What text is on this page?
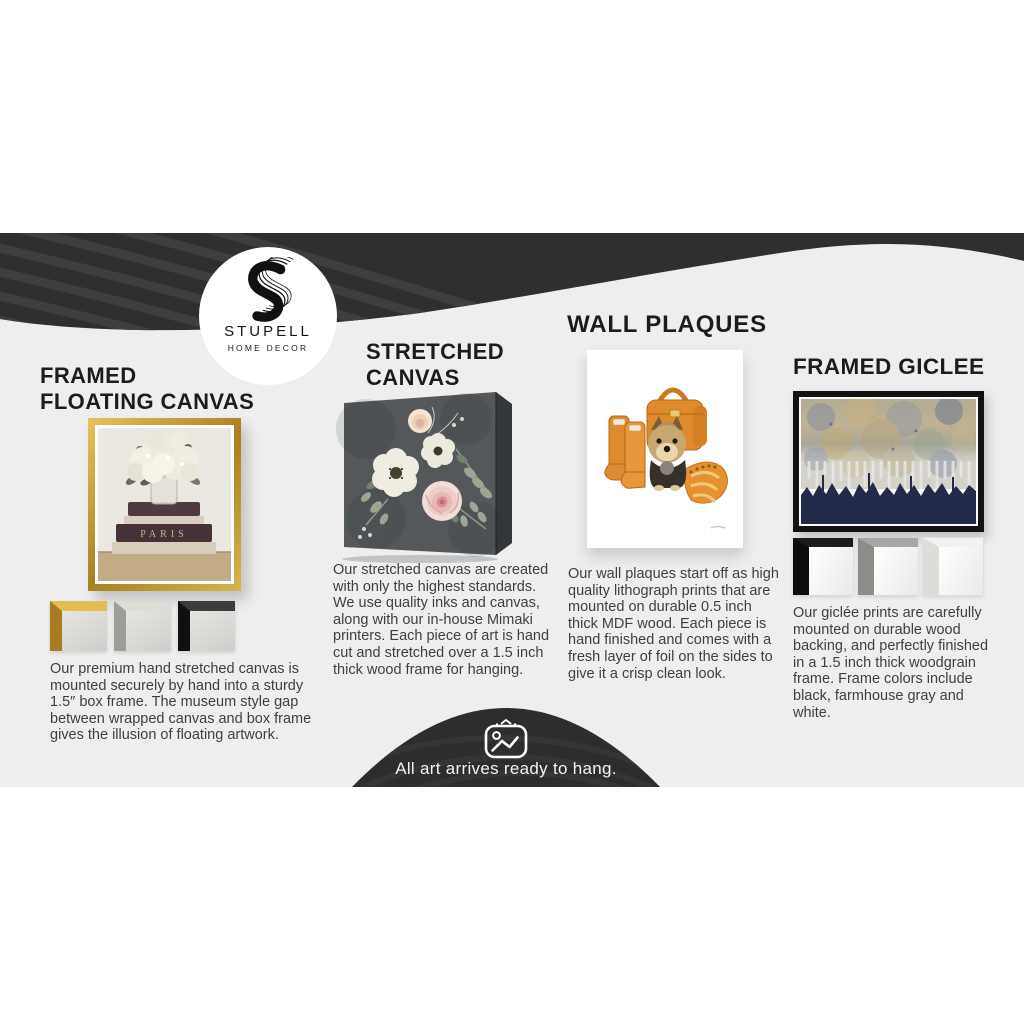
STUPELL
HOME DECOR
FRAMED
FLOATING CANVAS
PARIS
Our premium hand stretched canvas is mounted securely by hand into a sturdy 1.5″ box frame. The museum style gap between wrapped canvas and box frame gives the illusion of floating artwork.
STRETCHED
CANVAS
Our stretched canvas are created with only the highest standards. We use quality inks and canvas, along with our in-house Mimaki printers. Each piece of art is hand cut and stretched over a 1.5 inch thick wood frame for hanging.
WALL PLAQUES
Our wall plaques start off as high quality lithograph prints that are mounted on durable 0.5 inch thick MDF wood. Each piece is hand finished and comes with a fresh layer of foil on the sides to give it a crisp clean look.
FRAMED GICLEE
Our giclée prints are carefully mounted on durable wood backing, and perfectly finished in a 1.5 inch thick woodgrain frame. Frame colors include black, farmhouse gray and white.
All art arrives ready to hang.
